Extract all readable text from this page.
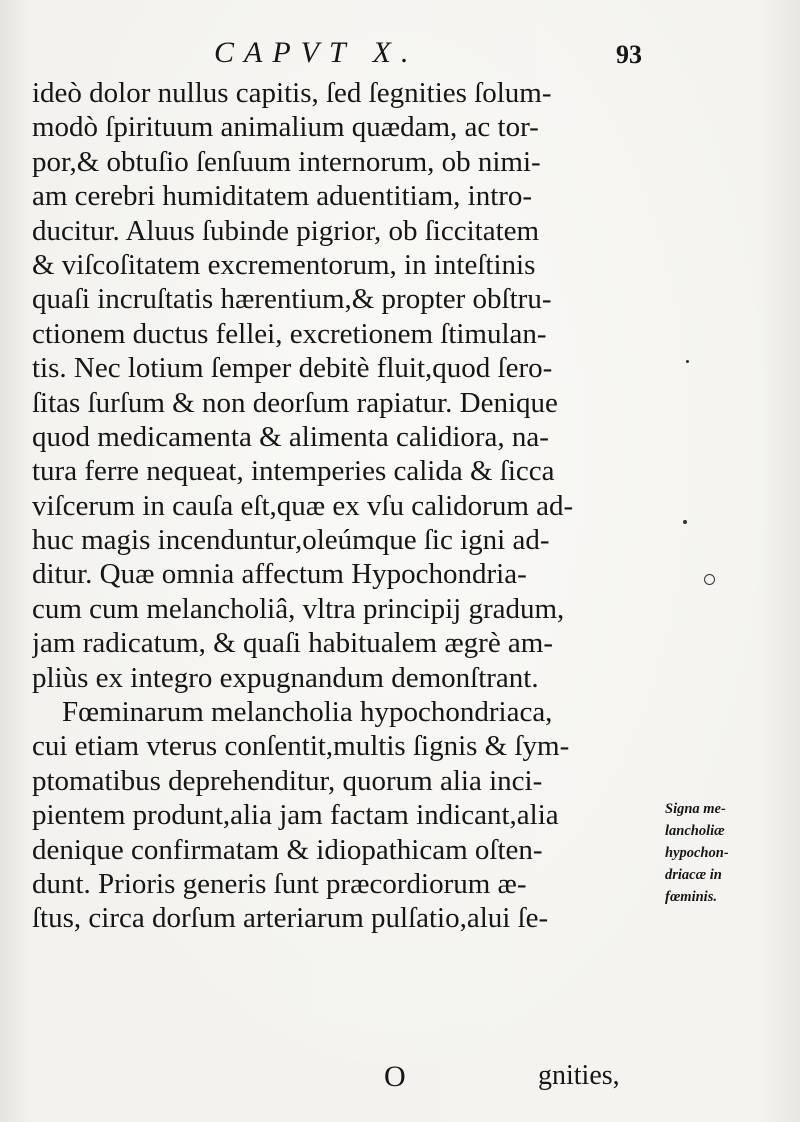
CAPVT X.	93
ideò dolor nullus capitis, ſed ſegnities ſolum-
modò ſpirituum animalium quædam, ac tor-
por,& obtuſio ſenſuum internorum, ob nimi-
am cerebri humiditatem aduentitiam, intro-
ducitur. Aluus ſubinde pigrior, ob ſiccitatem
& viſcoſitatem excrementorum, in inteſtinis
quaſi incruſtatis hærentium,& propter obſtru-
ctionem ductus fellei, excretionem ſtimulan-
tis. Nec lotium ſemper debitè fluit,quod ſero-
ſitas ſurſum & non deorſum rapiatur. Denique
quod medicamenta & alimenta calidiora, na-
tura ferre nequeat, intemperies calida & ſicca
viſcerum in cauſa eſt,quæ ex vſu calidorum ad-
huc magis incenduntur,oleúmque ſic igni ad-
ditur. Quæ omnia affectum Hypochondria-
cum cum melancholiâ, vltra principij gradum,
jam radicatum, & quaſi habitualem ægrè am-
pliùs ex integro expugnandum demonſtrant.
Fœminarum melancholia hypochondriaca,
cui etiam vterus conſentit,multis ſignis & ſym-
ptomatibus deprehenditur, quorum alia inci-
pientem produnt,alia jam factam indicant,alia
denique confirmatam & idiopathicam oſten-
dunt. Prioris generis ſunt præcordiorum æ-
ſtus, circa dorſum arteriarum pulſatio,alui ſe-
Signa me-
lancholiæ
hypochon-
driacæ in
fœminis.
O	gnities,
